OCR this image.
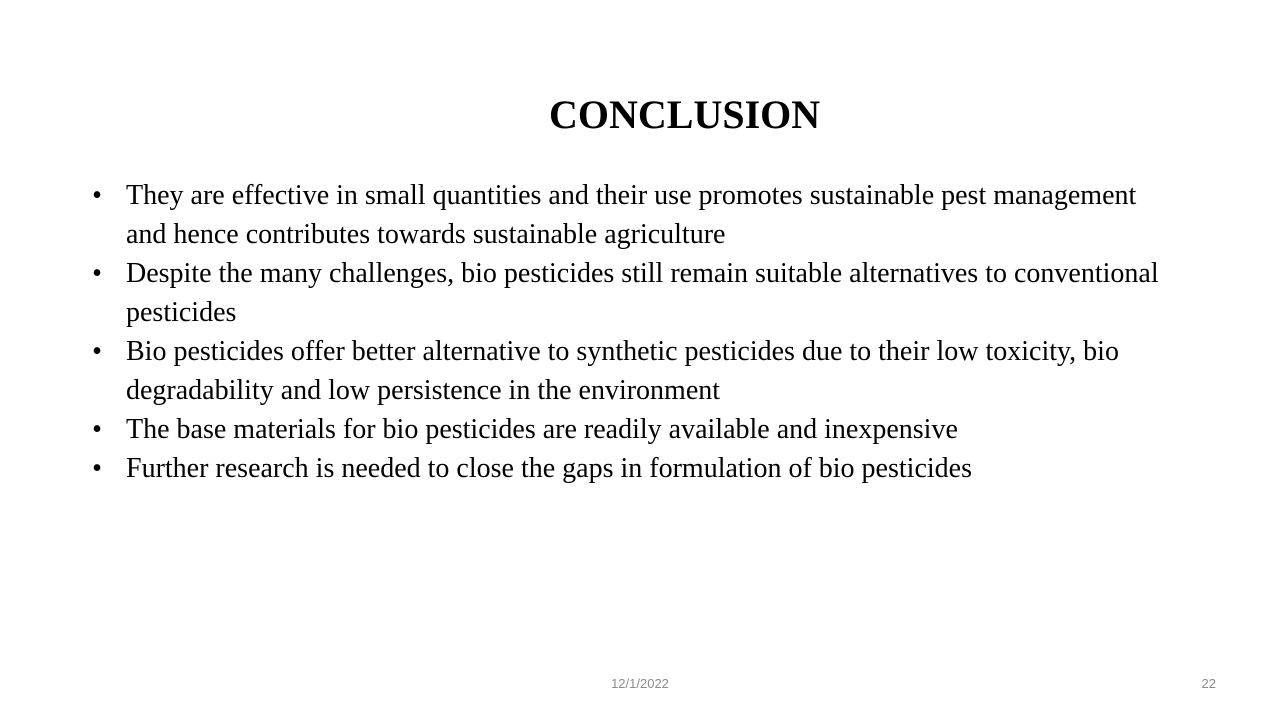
CONCLUSION
• They are effective in small quantities and their use promotes sustainable pest management and hence contributes towards sustainable agriculture
• Despite the many challenges, bio pesticides still remain suitable alternatives to conventional pesticides
• Bio pesticides offer better alternative to synthetic pesticides due to their low toxicity, bio degradability and low persistence in the environment
• The base materials for bio pesticides are readily available and inexpensive
• Further research is needed to close the gaps in formulation of bio pesticides
12/1/2022	22
